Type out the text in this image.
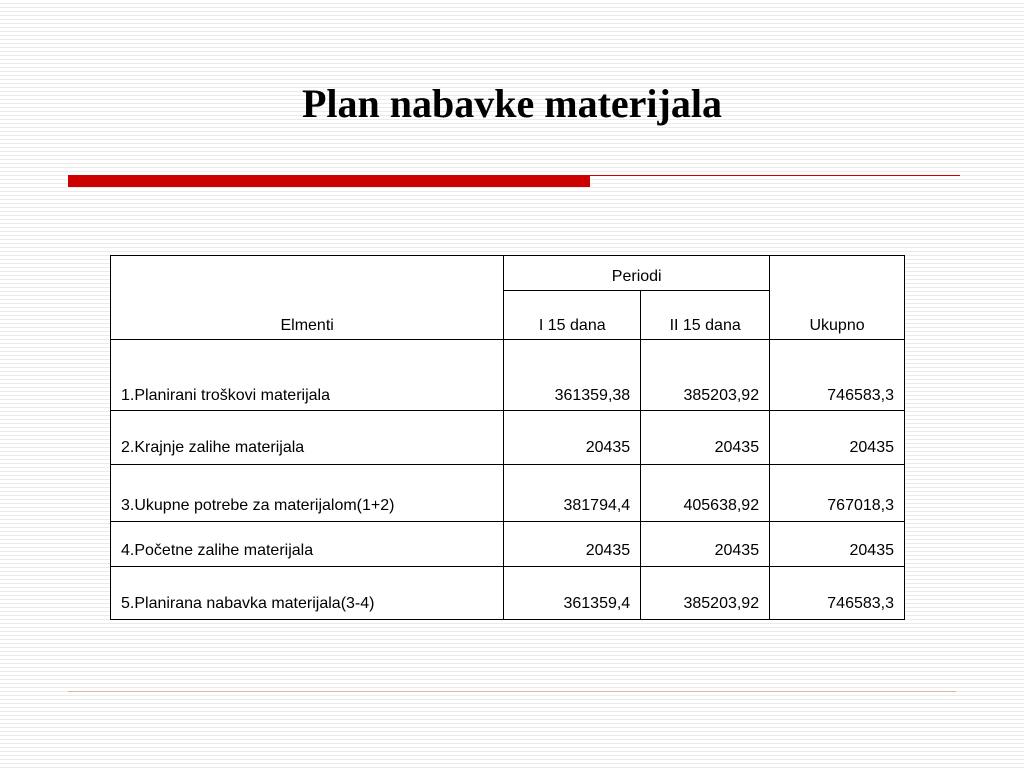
Plan nabavke materijala
Elmenti	Periodi		Ukupno
	I 15 dana	II 15 dana	
1.Planirani troškovi materijala	361359,38	385203,92	746583,3
2.Krajnje zalihe materijala	20435	20435	20435
3.Ukupne potrebe za materijalom(1+2)	381794,4	405638,92	767018,3
4.Početne zalihe materijala	20435	20435	20435
5.Planirana nabavka materijala(3-4)	361359,4	385203,92	746583,3
